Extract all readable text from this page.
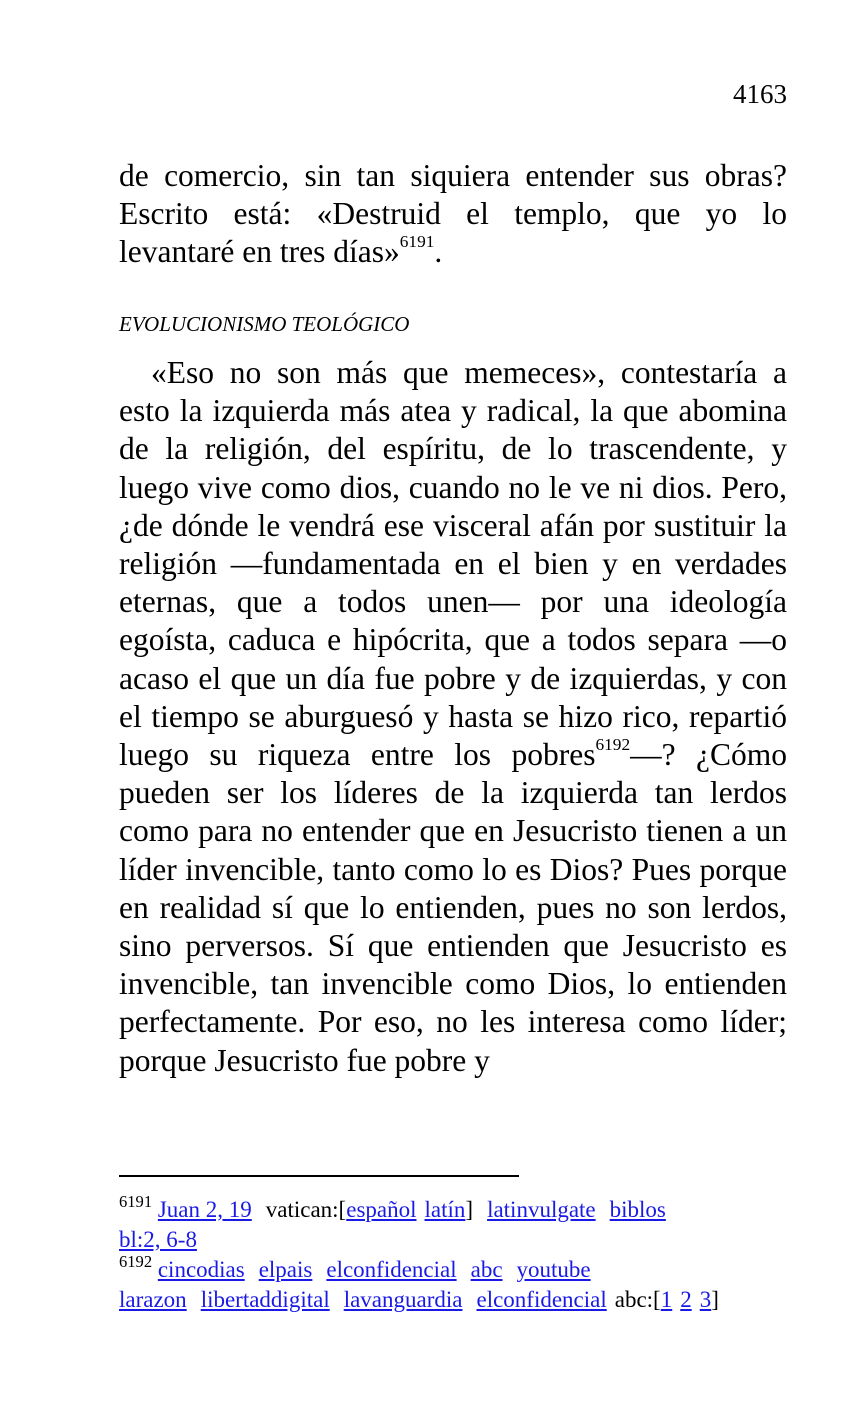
4163

de comercio, sin tan siquiera entender sus obras? Escrito está: «Destruid el templo, que yo lo levantaré en tres días»$^{6191}$.

EVOLUCIONISMO TEOLÓGICO

«Eso no son más que memeces», contestaría a esto la izquierda más atea y radical, la que abomina de la religión, del espíritu, de lo trascendente, y luego vive como dios, cuando no le ve ni dios. Pero, ¿de dónde le vendrá ese visceral afán por sustituir la religión —fundamentada en el bien y en verdades eternas, que a todos unen— por una ideología egoísta, caduca e hipócrita, que a todos separa —o acaso el que un día fue pobre y de izquierdas, y con el tiempo se aburguesó y hasta se hizo rico, repartió luego su riqueza entre los pobres$^{6192}$—? ¿Cómo pueden ser los líderes de la izquierda tan lerdos como para no entender que en Jesucristo tienen a un líder invencible, tanto como lo es Dios? Pues porque en realidad sí que lo entienden, pues no son lerdos, sino perversos. Sí que entienden que Jesucristo es invencible, tan invencible como Dios, lo entienden perfectamente. Por eso, no les interesa como líder; porque Jesucristo fue pobre y

$^{6191}$ Juan 2, 19 vatican:[español latín] latinvulgate biblos
bl:2, 6-8

$^{6192}$ cincodias elpais elconfidencial abc youtube
larazon libertaddigital lavanguardia elconfidencial abc:[1 2 3]
